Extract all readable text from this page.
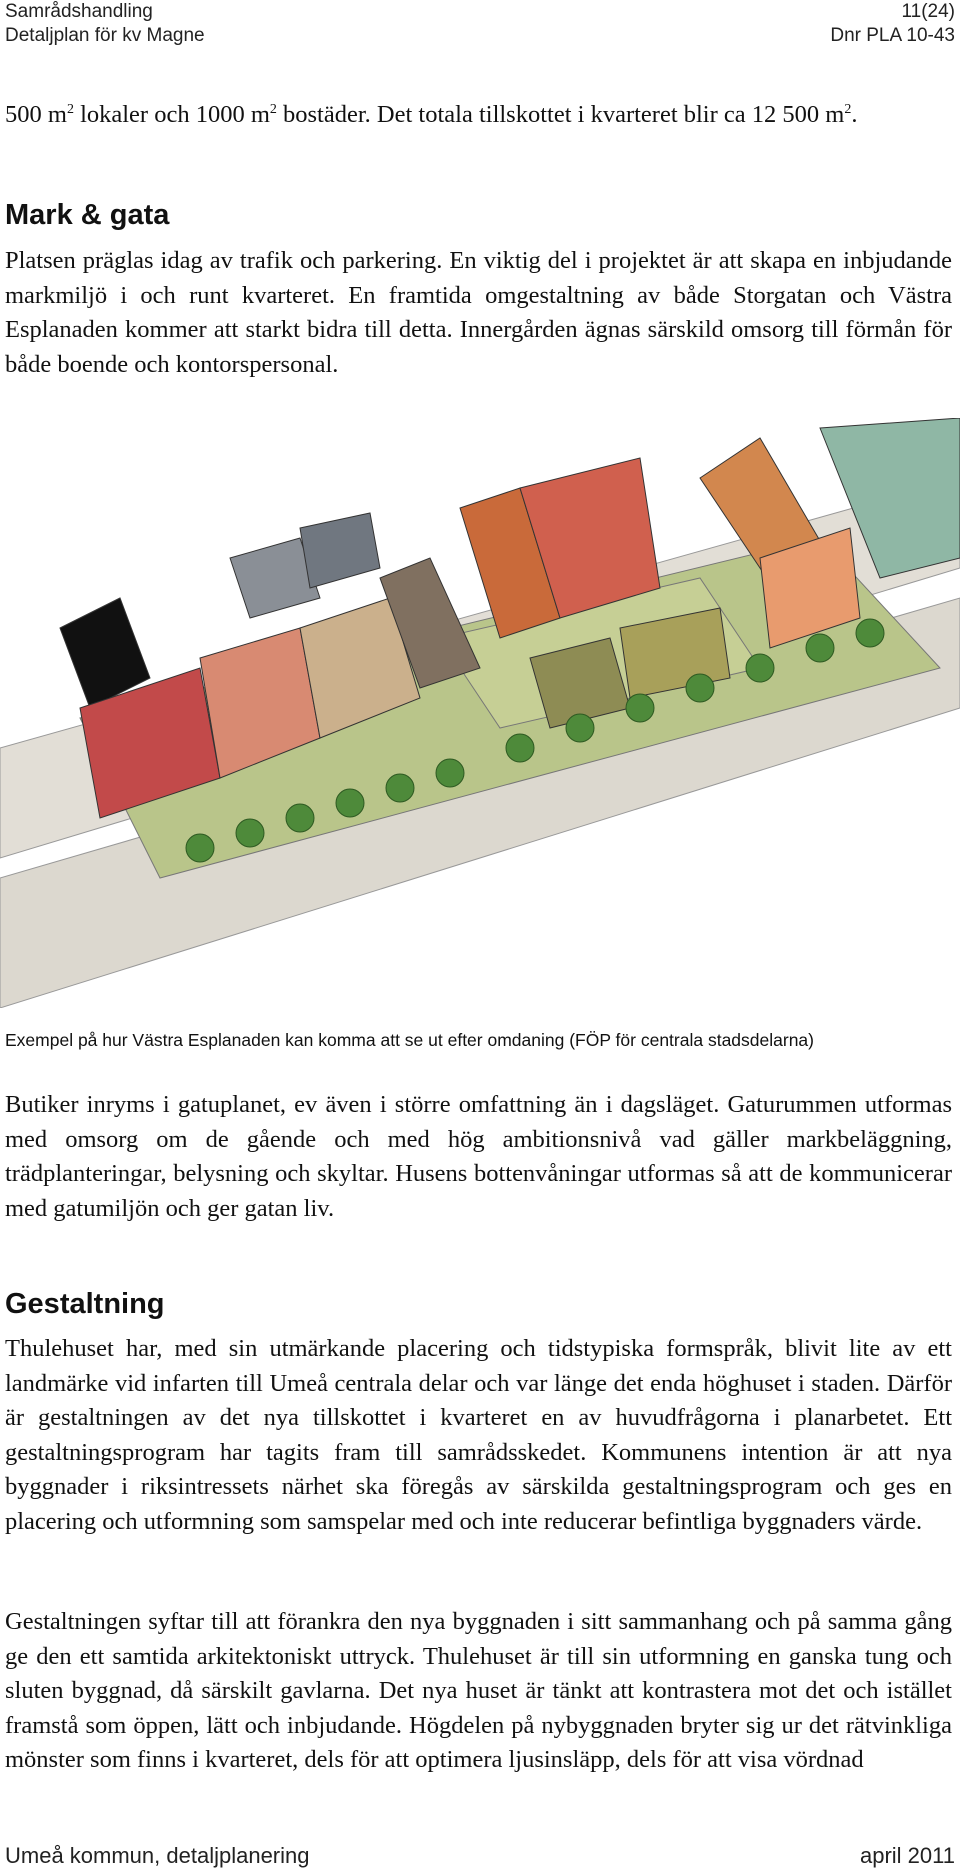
Samrådshandling	11(24)
Detaljplan för kv Magne	Dnr PLA 10-43

500 $m^2$ lokaler och 1000 $m^2$ bostäder. Det totala tillskottet i kvarteret blir ca 12 500 $m^2$.

Mark & gata

Platsen präglas idag av trafik och parkering. En viktig del i projektet är att skapa en inbjudande markmiljö i och runt kvarteret. En framtida omgestaltning av både Storgatan och Västra Esplanaden kommer att starkt bidra till detta. Innergården ägnas särskild omsorg till förmån för både boende och kontorspersonal.

Exempel på hur Västra Esplanaden kan komma att se ut efter omdaning (FÖP för centrala stadsdelarna)

Butiker inryms i gatuplanet, ev även i större omfattning än i dagsläget. Gaturummen utformas med omsorg om de gående och med hög ambitionsnivå vad gäller markbeläggning, trädplanteringar, belysning och skyltar. Husens bottenvåningar utformas så att de kommunicerar med gatumiljön och ger gatan liv.

Gestaltning

Thulehuset har, med sin utmärkande placering och tidstypiska formspråk, blivit lite av ett landmärke vid infarten till Umeå centrala delar och var länge det enda höghuset i staden. Därför är gestaltningen av det nya tillskottet i kvarteret en av huvudfrågorna i planarbetet. Ett gestaltningsprogram har tagits fram till samrådsskedet. Kommunens intention är att nya byggnader i riksintressets närhet ska föregås av särskilda gestaltningsprogram och ges en placering och utformning som samspelar med och inte reducerar befintliga byggnaders värde.

Gestaltningen syftar till att förankra den nya byggnaden i sitt sammanhang och på samma gång ge den ett samtida arkitektoniskt uttryck. Thulehuset är till sin utformning en ganska tung och sluten byggnad, då särskilt gavlarna. Det nya huset är tänkt att kontrastera mot det och istället framstå som öppen, lätt och inbjudande. Högdelen på nybyggnaden bryter sig ur det rätvinkliga mönster som finns i kvarteret, dels för att optimera ljusinsläpp, dels för att visa vördnad

Umeå kommun, detaljplanering	april 2011
